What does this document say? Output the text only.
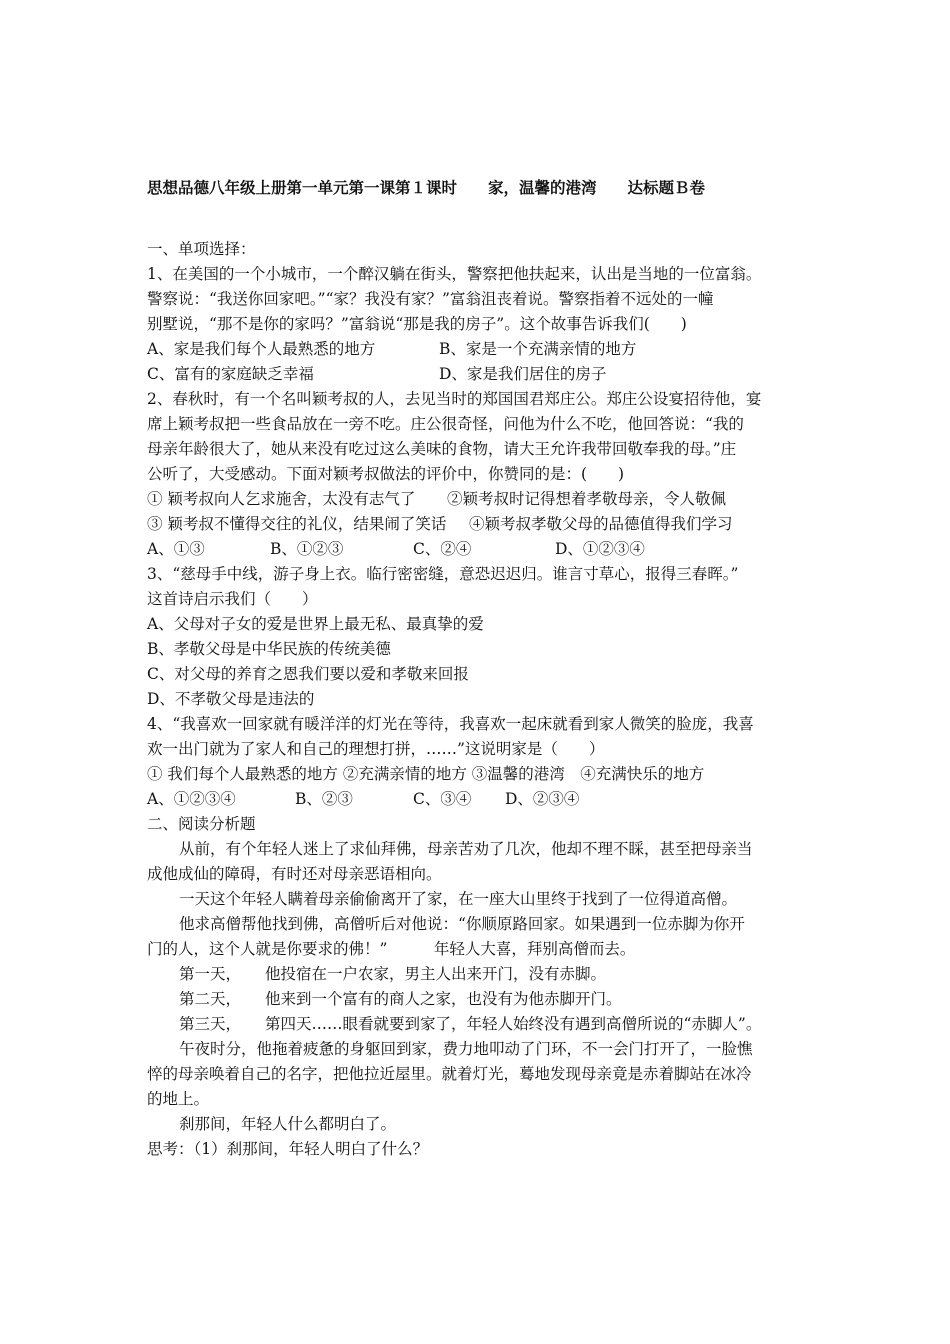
思想品德八年级上册第一单元第一课第１课时　　家，温馨的港湾　　达标题Ｂ卷
一、单项选择：
1、在美国的一个小城市，一个醉汉躺在街头，警察把他扶起来，认出是当地的一位富翁。
警察说：“我送你回家吧。”“家？我没有家？”富翁沮丧着说。警察指着不远处的一幢
别墅说，“那不是你的家吗？”富翁说“那是我的房子”。这个故事告诉我们(　　)
A、家是我们每个人最熟悉的地方	B、家是一个充满亲情的地方
C、富有的家庭缺乏幸福	D、家是我们居住的房子
2、春秋时，有一个名叫颖考叔的人，去见当时的郑国国君郑庄公。郑庄公设宴招待他，宴
席上颖考叔把一些食品放在一旁不吃。庄公很奇怪，问他为什么不吃，他回答说：“我的
母亲年龄很大了，她从来没有吃过这么美味的食物，请大王允许我带回敬奉我的母。”庄
公听了，大受感动。下面对颖考叔做法的评价中，你赞同的是：(　　)
① 颖考叔向人乞求施舍，太没有志气了 ②颖考叔时记得想着孝敬母亲，令人敬佩
③ 颖考叔不懂得交往的礼仪，结果闹了笑话 ④颖考叔孝敬父母的品德值得我们学习
A、①③	B、①②③	C、②④	D、①②③④
3、“慈母手中线，游子身上衣。临行密密缝，意恐迟迟归。谁言寸草心，报得三春晖。”
这首诗启示我们（　　）
A、父母对子女的爱是世界上最无私、最真挚的爱
B、孝敬父母是中华民族的传统美德
C、对父母的养育之恩我们要以爱和孝敬来回报
D、不孝敬父母是违法的
4、“我喜欢一回家就有暖洋洋的灯光在等待，我喜欢一起床就看到家人微笑的脸庞，我喜
欢一出门就为了家人和自己的理想打拼，……”这说明家是（　　）
① 我们每个人最熟悉的地方 ②充满亲情的地方 ③温馨的港湾　④充满快乐的地方
A、①②③④	B、②③	C、③④ D、②③④
二、阅读分析题
从前，有个年轻人迷上了求仙拜佛，母亲苦劝了几次，他却不理不睬，甚至把母亲当
成他成仙的障碍，有时还对母亲恶语相向。
一天这个年轻人瞒着母亲偷偷离开了家，在一座大山里终于找到了一位得道高僧。
他求高僧帮他找到佛，高僧听后对他说：“你顺原路回家。如果遇到一位赤脚为你开
门的人，这个人就是你要求的佛！”　　　年轻人大喜，拜别高僧而去。
第一天， 他投宿在一户农家，男主人出来开门，没有赤脚。
第二天， 他来到一个富有的商人之家，也没有为他赤脚开门。
第三天， 第四天……眼看就要到家了，年轻人始终没有遇到高僧所说的“赤脚人”。
午夜时分，他拖着疲惫的身躯回到家，费力地叩动了门环，不一会门打开了，一脸憔
悴的母亲唤着自己的名字，把他拉近屋里。就着灯光，蓦地发现母亲竟是赤着脚站在冰冷
的地上。
刹那间，年轻人什么都明白了。
思考：（1）刹那间，年轻人明白了什么？
